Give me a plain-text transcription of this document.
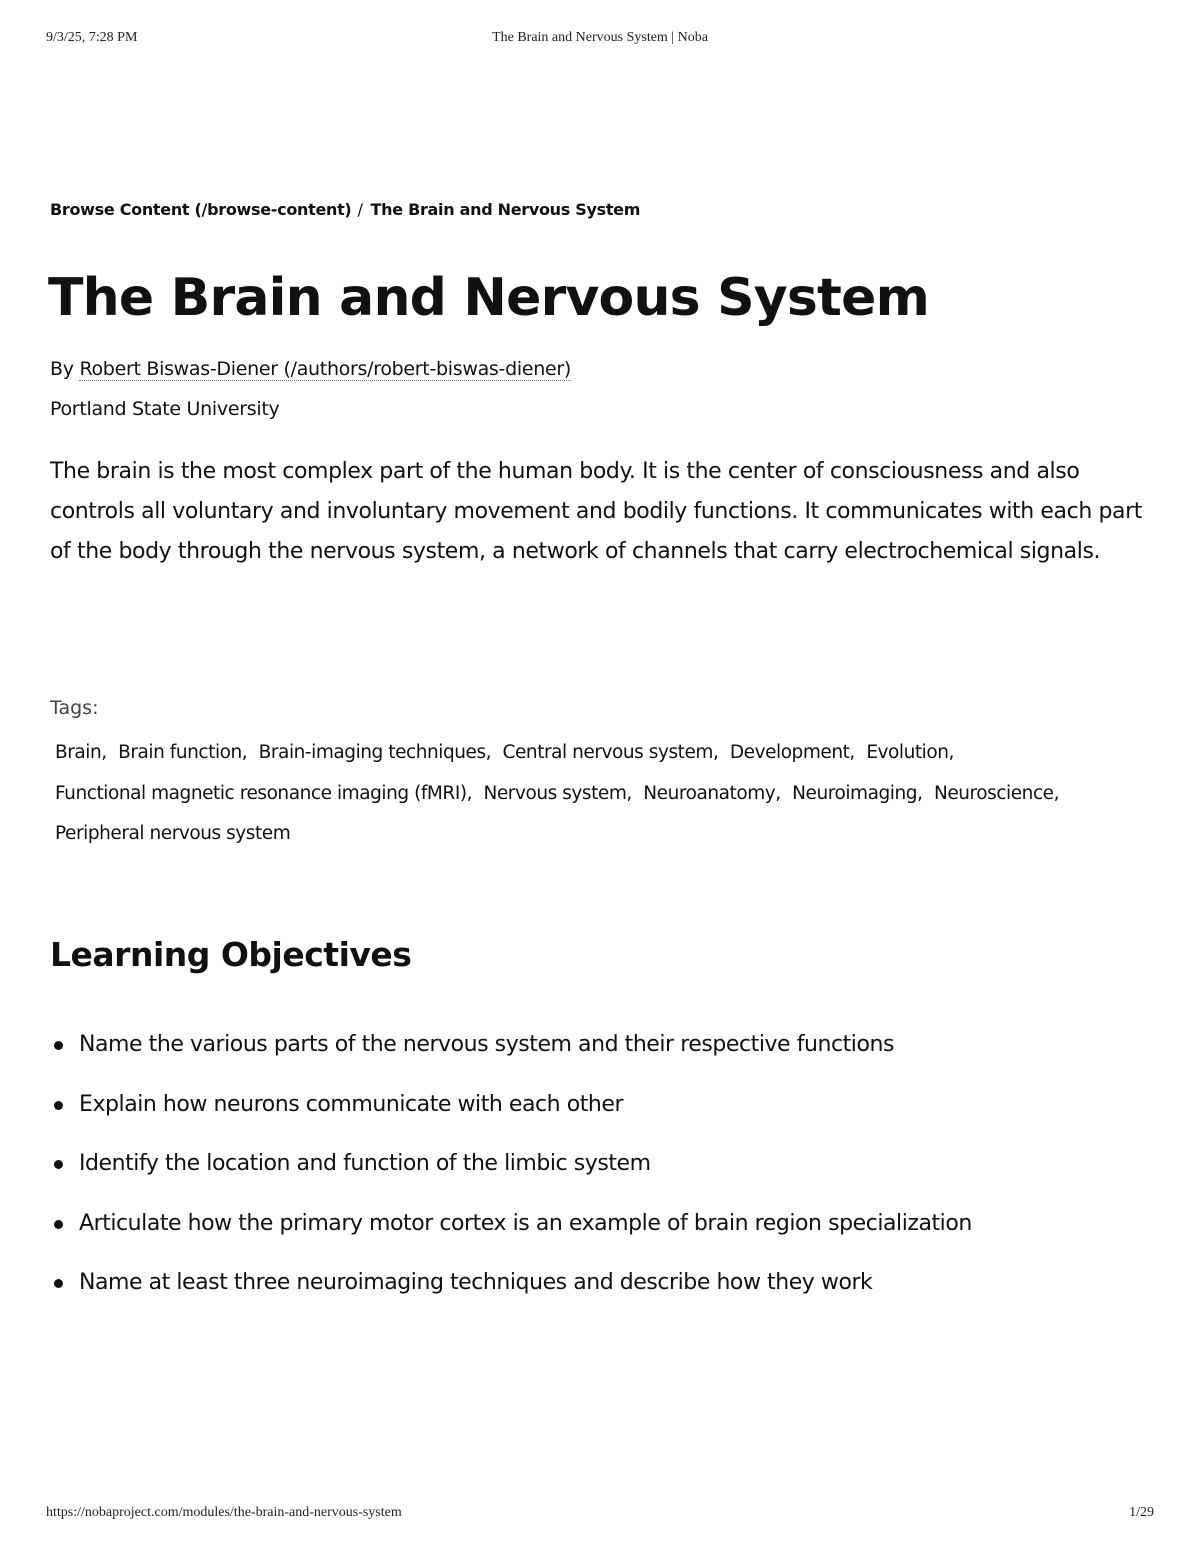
9/3/25, 7:28 PM	The Brain and Nervous System | Noba
Browse Content (/browse-content) / The Brain and Nervous System
The Brain and Nervous System
By Robert Biswas-Diener (/authors/robert-biswas-diener)
Portland State University

The brain is the most complex part of the human body. It is the center of consciousness and also controls all voluntary and involuntary movement and bodily functions. It communicates with each part of the body through the nervous system, a network of channels that carry electrochemical signals.

Tags:
Brain, Brain function, Brain-imaging techniques, Central nervous system, Development, Evolution,
Functional magnetic resonance imaging (fMRI), Nervous system, Neuroanatomy, Neuroimaging, Neuroscience,
Peripheral nervous system
Learning Objectives
Name the various parts of the nervous system and their respective functions
Explain how neurons communicate with each other
Identify the location and function of the limbic system
Articulate how the primary motor cortex is an example of brain region specialization
Name at least three neuroimaging techniques and describe how they work
https://nobaproject.com/modules/the-brain-and-nervous-system	1/29
